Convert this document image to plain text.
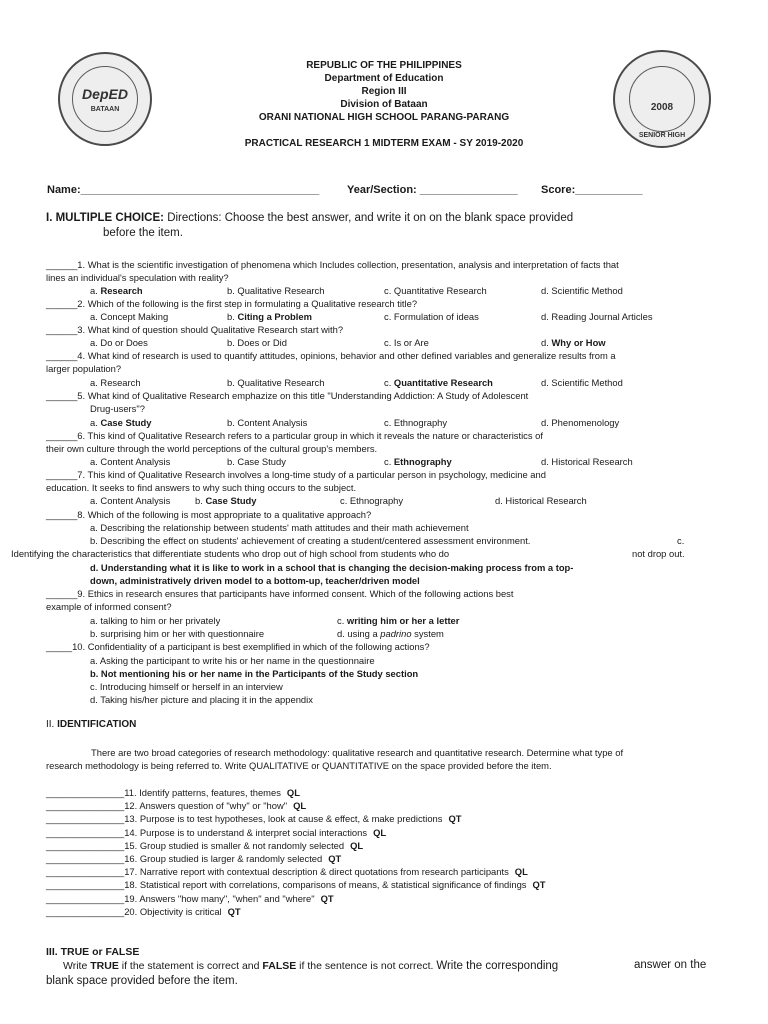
DepED
BATAAN	2008
SENIOR HIGH
REPUBLIC OF THE PHILIPPINES
Department of Education
Region III
Division of Bataan
ORANI NATIONAL HIGH SCHOOL PARANG-PARANG
PRACTICAL RESEARCH 1 MIDTERM EXAM - SY 2019-2020
Name:_______________________________________	Year/Section: ________________ Score:___________
I. MULTIPLE CHOICE: Directions: Choose the best answer, and write it on on the blank space provided
before the item.
______1. What is the scientific investigation of phenomena which Includes collection, presentation, analysis and interpretation of facts that
lines an individual's speculation with reality?
a. Research	b. Qualitative Research	c. Quantitative Research	d. Scientific Method
______2. Which of the following is the first step in formulating a Qualitative research title?
a. Concept Making	b. Citing a Problem	c. Formulation of ideas	d. Reading Journal Articles
______3. What kind of question should Qualitative Research start with?
a. Do or Does	b. Does or Did	c. Is or Are	d. Why or How
______4. What kind of research is used to quantify attitudes, opinions, behavior and other defined variables and generalize results from a
larger population?
a. Research	b. Qualitative Research	c. Quantitative Research	d. Scientific Method
______5. What kind of Qualitative Research emphazize on this title "Understanding Addiction: A Study of Adolescent
Drug-users"?
a. Case Study	b. Content Analysis	c. Ethnography	d. Phenomenology
______6. This kind of Qualitative Research refers to a particular group in which it reveals the nature or characteristics of
their own culture through the world perceptions of the cultural group's members.
a. Content Analysis	b. Case Study	c. Ethnography	d. Historical Research
______7. This kind of Qualitative Research involves a long-time study of a particular person in psychology, medicine and
education. It seeks to find answers to why such thing occurs to the subject.
a. Content Analysis	b. Case Study	c. Ethnography	d. Historical Research
______8. Which of the following is most appropriate to a qualitative approach?
a. Describing the relationship between students' math attitudes and their math achievement
b. Describing the effect on students' achievement of creating a student/centered assessment environment.	c.
Identifying the characteristics that differentiate students who drop out of high school from students who do	not drop out.
d. Understanding what it is like to work in a school that is changing the decision-making process from a top-
down, administratively driven model to a bottom-up, teacher/driven model
______9. Ethics in research ensures that participants have informed consent. Which of the following actions best
example of informed consent?
a. talking to him or her privately	c. writing him or her a letter
b. surprising him or her with questionnaire	d. using a padrino system
_____10. Confidentiality of a participant is best exemplified in which of the following actions?
a. Asking the participant to write his or her name in the questionnaire
b. Not mentioning his or her name in the Participants of the Study section
c. Introducing himself or herself in an interview
d. Taking his/her picture and placing it in the appendix
II. IDENTIFICATION
There are two broad categories of research methodology: qualitative research and quantitative research. Determine what type of
research methodology is being referred to. Write QUALITATIVE or QUANTITATIVE on the space provided before the item.
_______________11. Identify patterns, features, themes QL
_______________12. Answers question of "why" or "how" QL
_______________13. Purpose is to test hypotheses, look at cause & effect, & make predictions QT
_______________14. Purpose is to understand & interpret social interactions QL
_______________15. Group studied is smaller & not randomly selected QL
_______________16. Group studied is larger & randomly selected QT
_______________17. Narrative report with contextual description & direct quotations from research participants QL
_______________18. Statistical report with correlations, comparisons of means, & statistical significance of findings QT
_______________19. Answers "how many", "when" and "where" QT
_______________20. Objectivity is critical QT
III. TRUE or FALSE
Write TRUE if the statement is correct and FALSE if the sentence is not correct. Write the corresponding	answer on the
blank space provided before the item.
